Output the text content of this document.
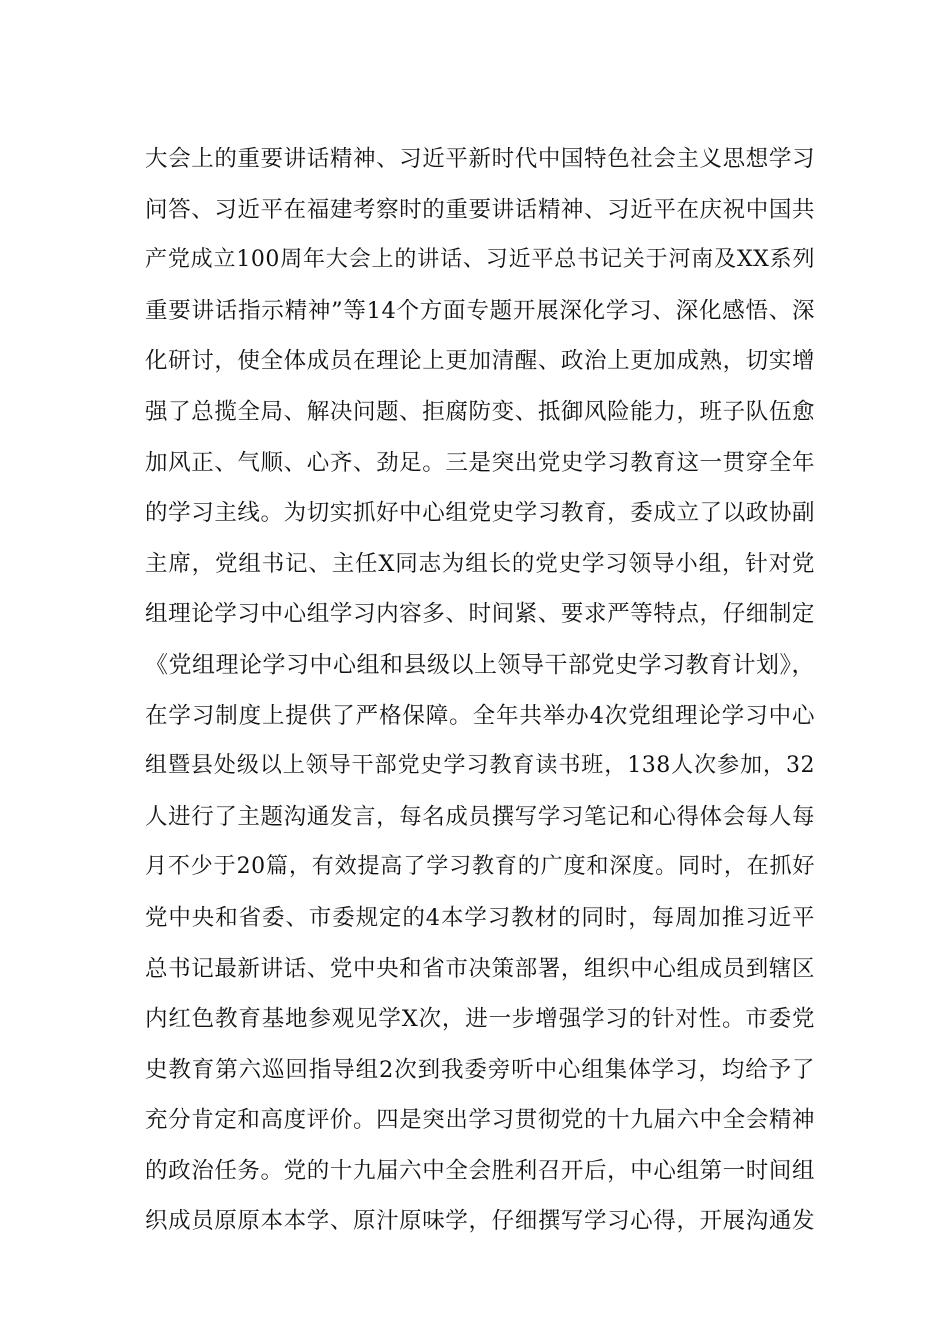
大会上的重要讲话精神、习近平新时代中国特色社会主义思想学习
问答、习近平在福建考察时的重要讲话精神、习近平在庆祝中国共
产党成立100周年大会上的讲话、习近平总书记关于河南及XX系列
重要讲话指示精神”等14个方面专题开展深化学习、深化感悟、深
化研讨，使全体成员在理论上更加清醒、政治上更加成熟，切实增
强了总揽全局、解决问题、拒腐防变、抵御风险能力，班子队伍愈
加风正、气顺、心齐、劲足。三是突出党史学习教育这一贯穿全年
的学习主线。为切实抓好中心组党史学习教育，委成立了以政协副
主席，党组书记、主任X同志为组长的党史学习领导小组，针对党
组理论学习中心组学习内容多、时间紧、要求严等特点，仔细制定
《党组理论学习中心组和县级以上领导干部党史学习教育计划》，
在学习制度上提供了严格保障。全年共举办4次党组理论学习中心
组暨县处级以上领导干部党史学习教育读书班，138人次参加，32
人进行了主题沟通发言，每名成员撰写学习笔记和心得体会每人每
月不少于20篇，有效提高了学习教育的广度和深度。同时，在抓好
党中央和省委、市委规定的4本学习教材的同时，每周加推习近平
总书记最新讲话、党中央和省市决策部署，组织中心组成员到辖区
内红色教育基地参观见学X次，进一步增强学习的针对性。市委党
史教育第六巡回指导组2次到我委旁听中心组集体学习，均给予了
充分肯定和高度评价。四是突出学习贯彻党的十九届六中全会精神
的政治任务。党的十九届六中全会胜利召开后，中心组第一时间组
织成员原原本本学、原汁原味学，仔细撰写学习心得，开展沟通发
